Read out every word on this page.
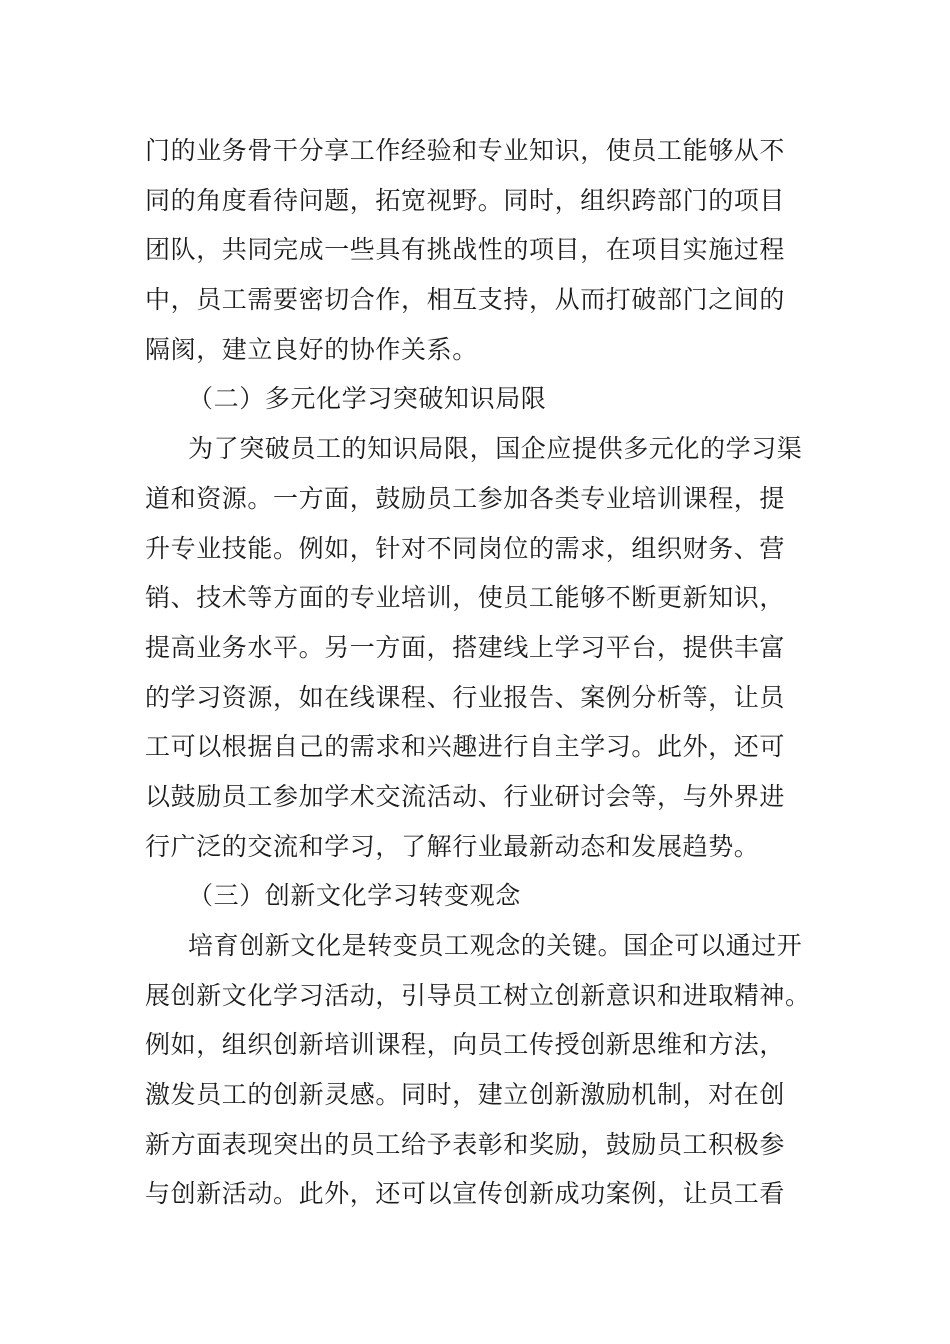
门的业务骨干分享工作经验和专业知识，使员工能够从不
同的角度看待问题，拓宽视野。同时，组织跨部门的项目
团队，共同完成一些具有挑战性的项目，在项目实施过程
中，员工需要密切合作，相互支持，从而打破部门之间的
隔阂，建立良好的协作关系。
（二）多元化学习突破知识局限
为了突破员工的知识局限，国企应提供多元化的学习渠
道和资源。一方面，鼓励员工参加各类专业培训课程，提
升专业技能。例如，针对不同岗位的需求，组织财务、营
销、技术等方面的专业培训，使员工能够不断更新知识，
提高业务水平。另一方面，搭建线上学习平台，提供丰富
的学习资源，如在线课程、行业报告、案例分析等，让员
工可以根据自己的需求和兴趣进行自主学习。此外，还可
以鼓励员工参加学术交流活动、行业研讨会等，与外界进
行广泛的交流和学习，了解行业最新动态和发展趋势。
（三）创新文化学习转变观念
培育创新文化是转变员工观念的关键。国企可以通过开
展创新文化学习活动，引导员工树立创新意识和进取精神。
例如，组织创新培训课程，向员工传授创新思维和方法，
激发员工的创新灵感。同时，建立创新激励机制，对在创
新方面表现突出的员工给予表彰和奖励，鼓励员工积极参
与创新活动。此外，还可以宣传创新成功案例，让员工看
